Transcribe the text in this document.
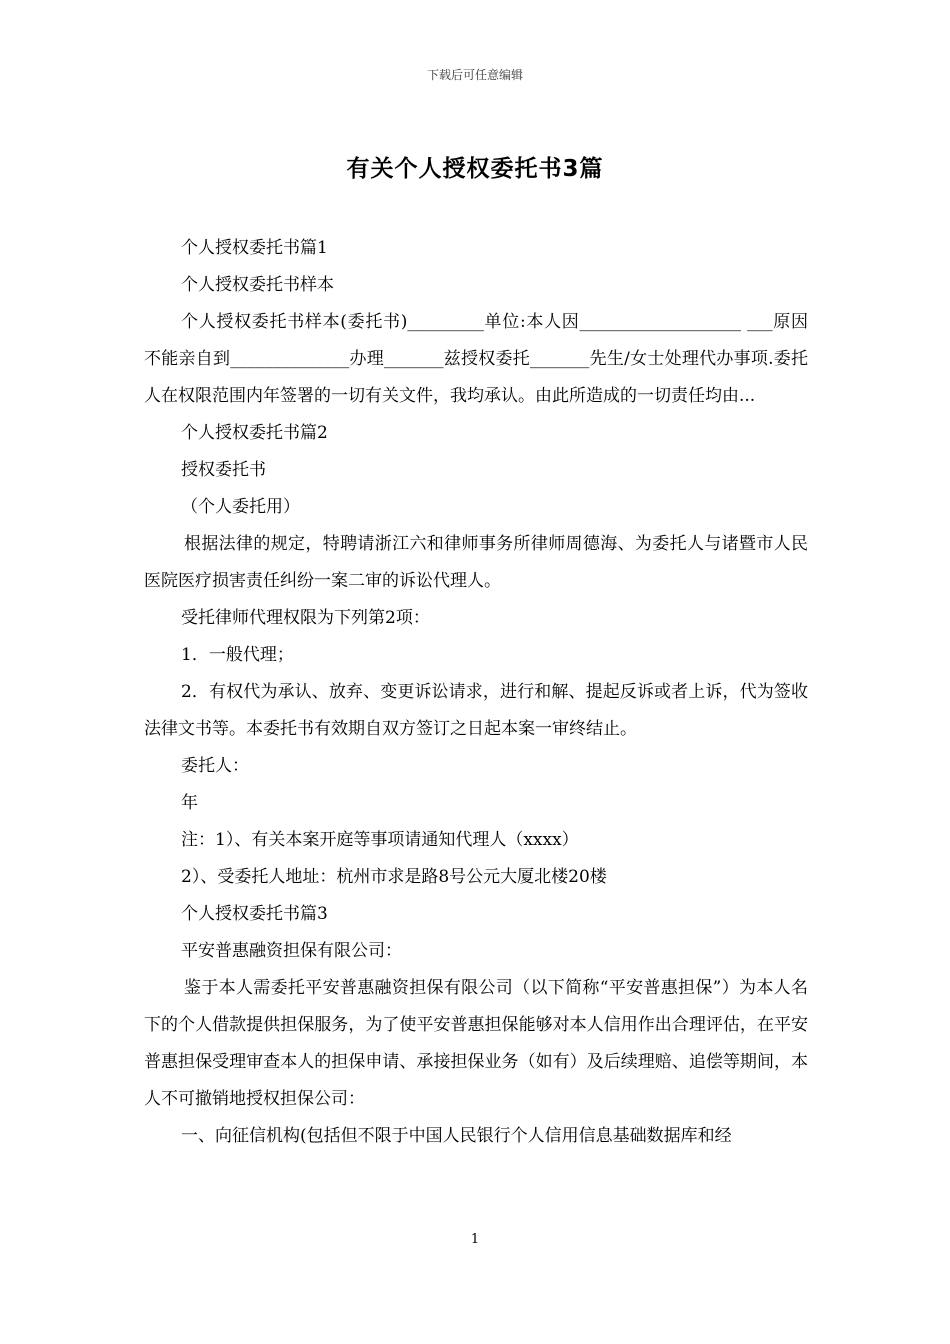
下载后可任意编辑
有关个人授权委托书3篇

个人授权委托书篇1

个人授权委托书样本

个人授权委托书样本(委托书)_________单位:本人因___________________ ___原因不能亲自到______________办理_______兹授权委托_______先生/女士处理代办事项.委托人在权限范围内年签署的一切有关文件，我均承认。由此所造成的一切责任均由...

个人授权委托书篇2

授权委托书

（个人委托用）

根据法律的规定，特聘请浙江六和律师事务所律师周德海、为委托人与诸暨市人民医院医疗损害责任纠纷一案二审的诉讼代理人。

受托律师代理权限为下列第2项：

1．一般代理；

2．有权代为承认、放弃、变更诉讼请求，进行和解、提起反诉或者上诉，代为签收法律文书等。本委托书有效期自双方签订之日起本案一审终结止。

委托人：

年

注：1）、有关本案开庭等事项请通知代理人（xxxx）

2）、受委托人地址：杭州市求是路8号公元大厦北楼20楼

个人授权委托书篇3

平安普惠融资担保有限公司：

鉴于本人需委托平安普惠融资担保有限公司（以下简称“平安普惠担保”）为本人名下的个人借款提供担保服务，为了使平安普惠担保能够对本人信用作出合理评估，在平安普惠担保受理审查本人的担保申请、承接担保业务（如有）及后续理赔、追偿等期间，本人不可撤销地授权担保公司：

一、向征信机构(包括但不限于中国人民银行个人信用信息基础数据库和经

1
